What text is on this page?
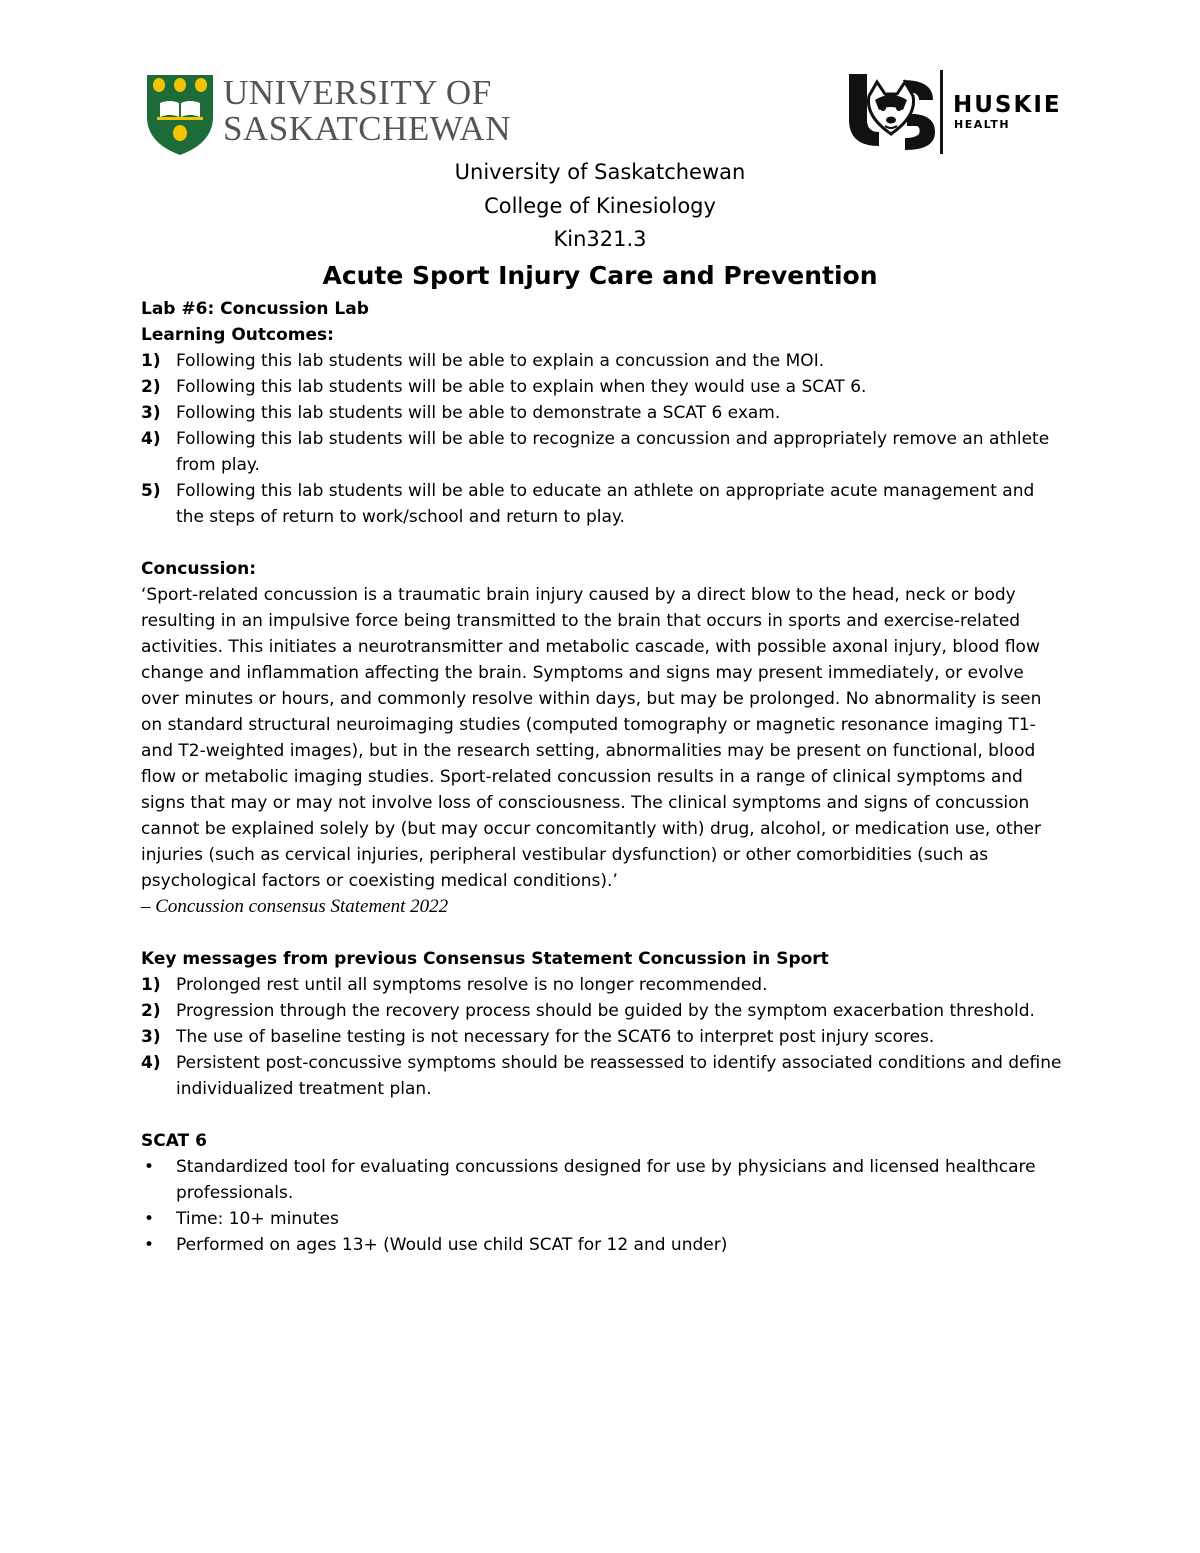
UNIVERSITY OF
SASKATCHEWAN
HUSKIE
HEALTH
University of Saskatchewan
College of Kinesiology
Kin321.3
Acute Sport Injury Care and Prevention
Lab #6: Concussion Lab
Learning Outcomes:
1) Following this lab students will be able to explain a concussion and the MOI.
2) Following this lab students will be able to explain when they would use a SCAT 6.
3) Following this lab students will be able to demonstrate a SCAT 6 exam.
4) Following this lab students will be able to recognize a concussion and appropriately remove an athlete from play.
5) Following this lab students will be able to educate an athlete on appropriate acute management and the steps of return to work/school and return to play.
Concussion:

‘Sport-related concussion is a traumatic brain injury caused by a direct blow to the head, neck or body resulting in an impulsive force being transmitted to the brain that occurs in sports and exercise-related activities. This initiates a neurotransmitter and metabolic cascade, with possible axonal injury, blood flow change and inflammation affecting the brain. Symptoms and signs may present immediately, or evolve over minutes or hours, and commonly resolve within days, but may be prolonged. No abnormality is seen on standard structural neuroimaging studies (computed tomography or magnetic resonance imaging T1- and T2-weighted images), but in the research setting, abnormalities may be present on functional, blood flow or metabolic imaging studies. Sport-related concussion results in a range of clinical symptoms and signs that may or may not involve loss of consciousness. The clinical symptoms and signs of concussion cannot be explained solely by (but may occur concomitantly with) drug, alcohol, or medication use, other injuries (such as cervical injuries, peripheral vestibular dysfunction) or other comorbidities (such as psychological factors or coexisting medical conditions).’

– Concussion consensus Statement 2022
Key messages from previous Consensus Statement Concussion in Sport
1) Prolonged rest until all symptoms resolve is no longer recommended.
2) Progression through the recovery process should be guided by the symptom exacerbation threshold.
3) The use of baseline testing is not necessary for the SCAT6 to interpret post injury scores.
4) Persistent post-concussive symptoms should be reassessed to identify associated conditions and define individualized treatment plan.
SCAT 6
• Standardized tool for evaluating concussions designed for use by physicians and licensed healthcare professionals.
• Time: 10+ minutes
• Performed on ages 13+ (Would use child SCAT for 12 and under)
